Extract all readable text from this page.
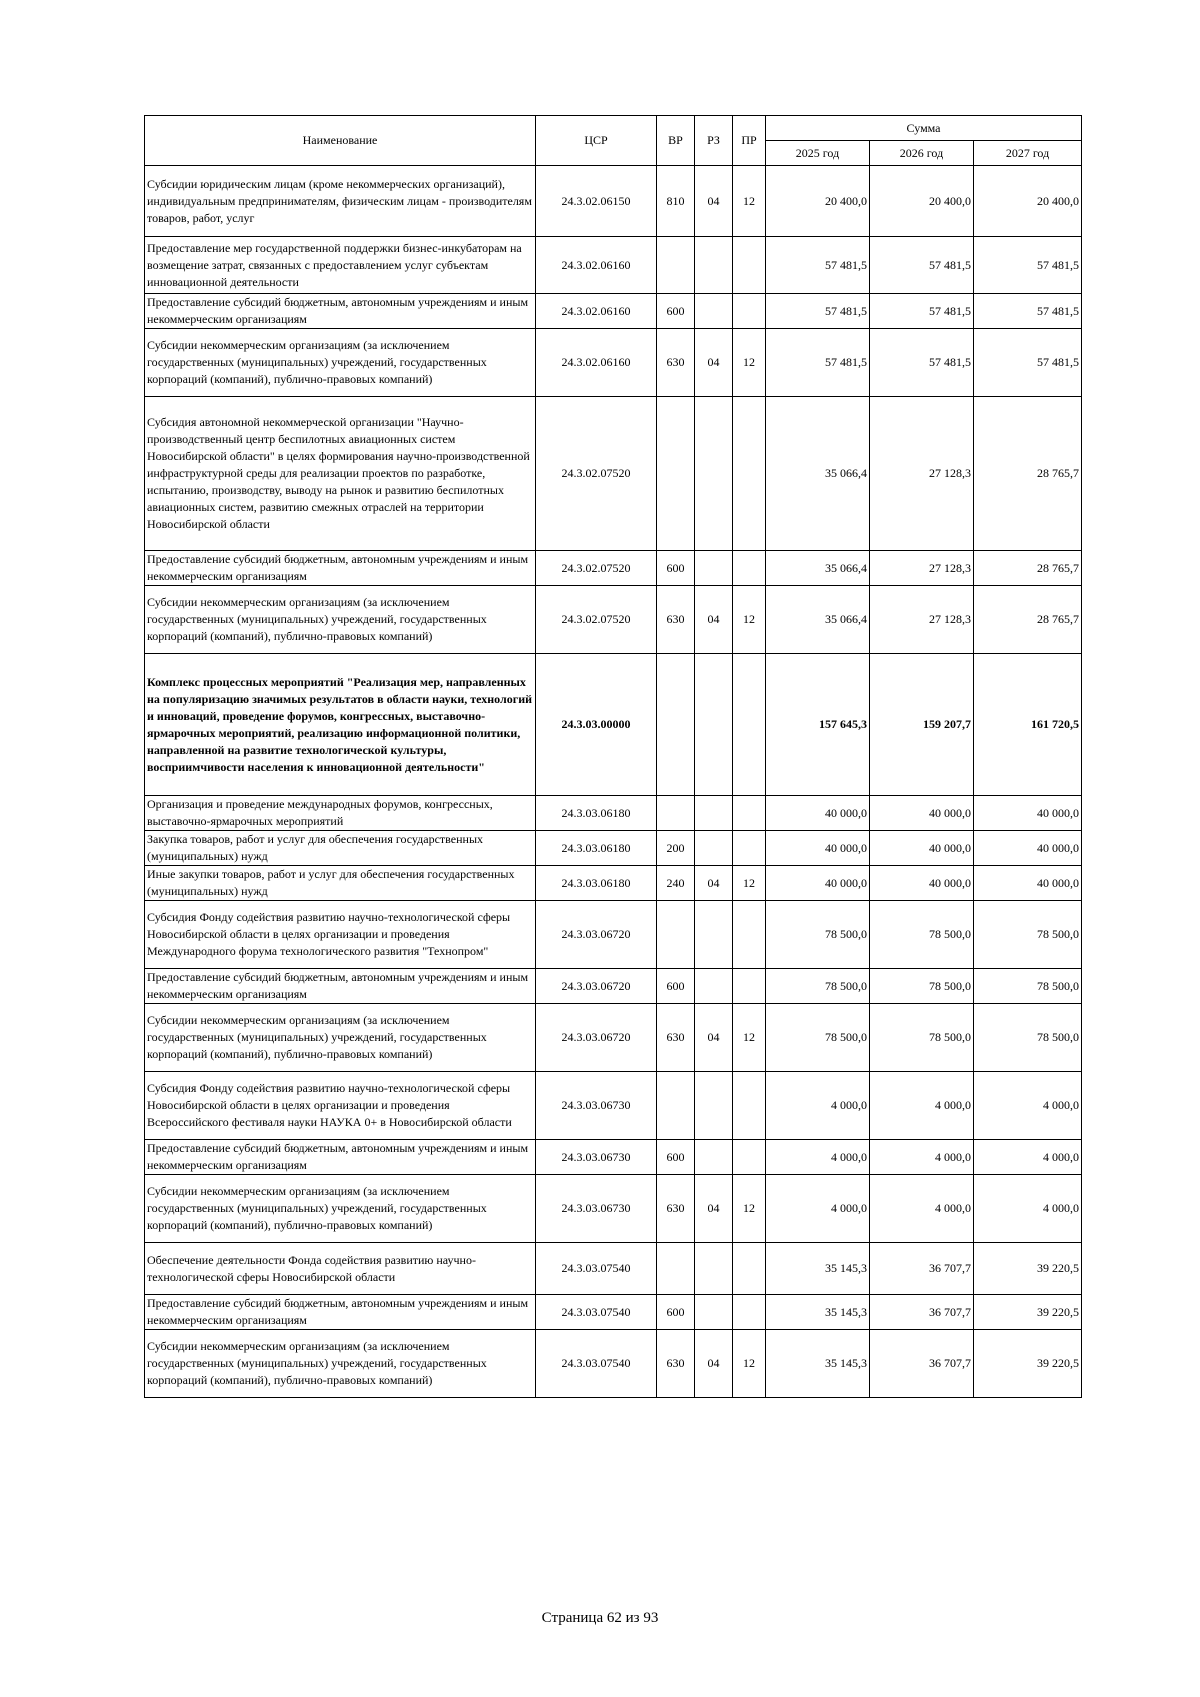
Наименование	ЦСР	ВР	РЗ	ПР	Сумма		
					2025 год	2026 год	2027 год
Субсидии юридическим лицам (кроме некоммерческих организаций), индивидуальным предпринимателям, физическим лицам - производителям товаров, работ, услуг	24.3.02.06150	810	04	12	20 400,0	20 400,0	20 400,0
Предоставление мер государственной поддержки бизнес-инкубаторам на возмещение затрат, связанных с предоставлением услуг субъектам инновационной деятельности	24.3.02.06160				57 481,5	57 481,5	57 481,5
Предоставление субсидий бюджетным, автономным учреждениям и иным некоммерческим организациям	24.3.02.06160	600			57 481,5	57 481,5	57 481,5
Субсидии некоммерческим организациям (за исключением государственных (муниципальных) учреждений, государственных корпораций (компаний), публично-правовых компаний)	24.3.02.06160	630	04	12	57 481,5	57 481,5	57 481,5
Субсидия автономной некоммерческой организации "Научно-производственный центр беспилотных авиационных систем Новосибирской области" в целях формирования научно-производственной инфраструктурной среды для реализации проектов по разработке, испытанию, производству, выводу на рынок и развитию беспилотных авиационных систем, развитию смежных отраслей на территории Новосибирской области	24.3.02.07520				35 066,4	27 128,3	28 765,7
Предоставление субсидий бюджетным, автономным учреждениям и иным некоммерческим организациям	24.3.02.07520	600			35 066,4	27 128,3	28 765,7
Субсидии некоммерческим организациям (за исключением государственных (муниципальных) учреждений, государственных корпораций (компаний), публично-правовых компаний)	24.3.02.07520	630	04	12	35 066,4	27 128,3	28 765,7
Комплекс процессных мероприятий "Реализация мер, направленных на популяризацию значимых результатов в области науки, технологий и инноваций, проведение форумов, конгрессных, выставочно- ярмарочных мероприятий, реализацию информационной политики, направленной на развитие технологической культуры, восприимчивости населения к инновационной деятельности"	24.3.03.00000				157 645,3	159 207,7	161 720,5
Организация и проведение международных форумов, конгрессных, выставочно-ярмарочных мероприятий	24.3.03.06180				40 000,0	40 000,0	40 000,0
Закупка товаров, работ и услуг для обеспечения государственных (муниципальных) нужд	24.3.03.06180	200			40 000,0	40 000,0	40 000,0
Иные закупки товаров, работ и услуг для обеспечения государственных (муниципальных) нужд	24.3.03.06180	240	04	12	40 000,0	40 000,0	40 000,0
Субсидия Фонду содействия развитию научно-технологической сферы Новосибирской области в целях организации и проведения Международного форума технологического развития "Технопром"	24.3.03.06720				78 500,0	78 500,0	78 500,0
Предоставление субсидий бюджетным, автономным учреждениям и иным некоммерческим организациям	24.3.03.06720	600			78 500,0	78 500,0	78 500,0
Субсидии некоммерческим организациям (за исключением государственных (муниципальных) учреждений, государственных корпораций (компаний), публично-правовых компаний)	24.3.03.06720	630	04	12	78 500,0	78 500,0	78 500,0
Субсидия Фонду содействия развитию научно-технологической сферы Новосибирской области в целях организации и проведения Всероссийского фестиваля науки НАУКА 0+ в Новосибирской области	24.3.03.06730				4 000,0	4 000,0	4 000,0
Предоставление субсидий бюджетным, автономным учреждениям и иным некоммерческим организациям	24.3.03.06730	600			4 000,0	4 000,0	4 000,0
Субсидии некоммерческим организациям (за исключением государственных (муниципальных) учреждений, государственных корпораций (компаний), публично-правовых компаний)	24.3.03.06730	630	04	12	4 000,0	4 000,0	4 000,0
Обеспечение деятельности Фонда содействия развитию научно-технологической сферы Новосибирской области	24.3.03.07540				35 145,3	36 707,7	39 220,5
Предоставление субсидий бюджетным, автономным учреждениям и иным некоммерческим организациям	24.3.03.07540	600			35 145,3	36 707,7	39 220,5
Субсидии некоммерческим организациям (за исключением государственных (муниципальных) учреждений, государственных корпораций (компаний), публично-правовых компаний)	24.3.03.07540	630	04	12	35 145,3	36 707,7	39 220,5
Страница 62 из 93
